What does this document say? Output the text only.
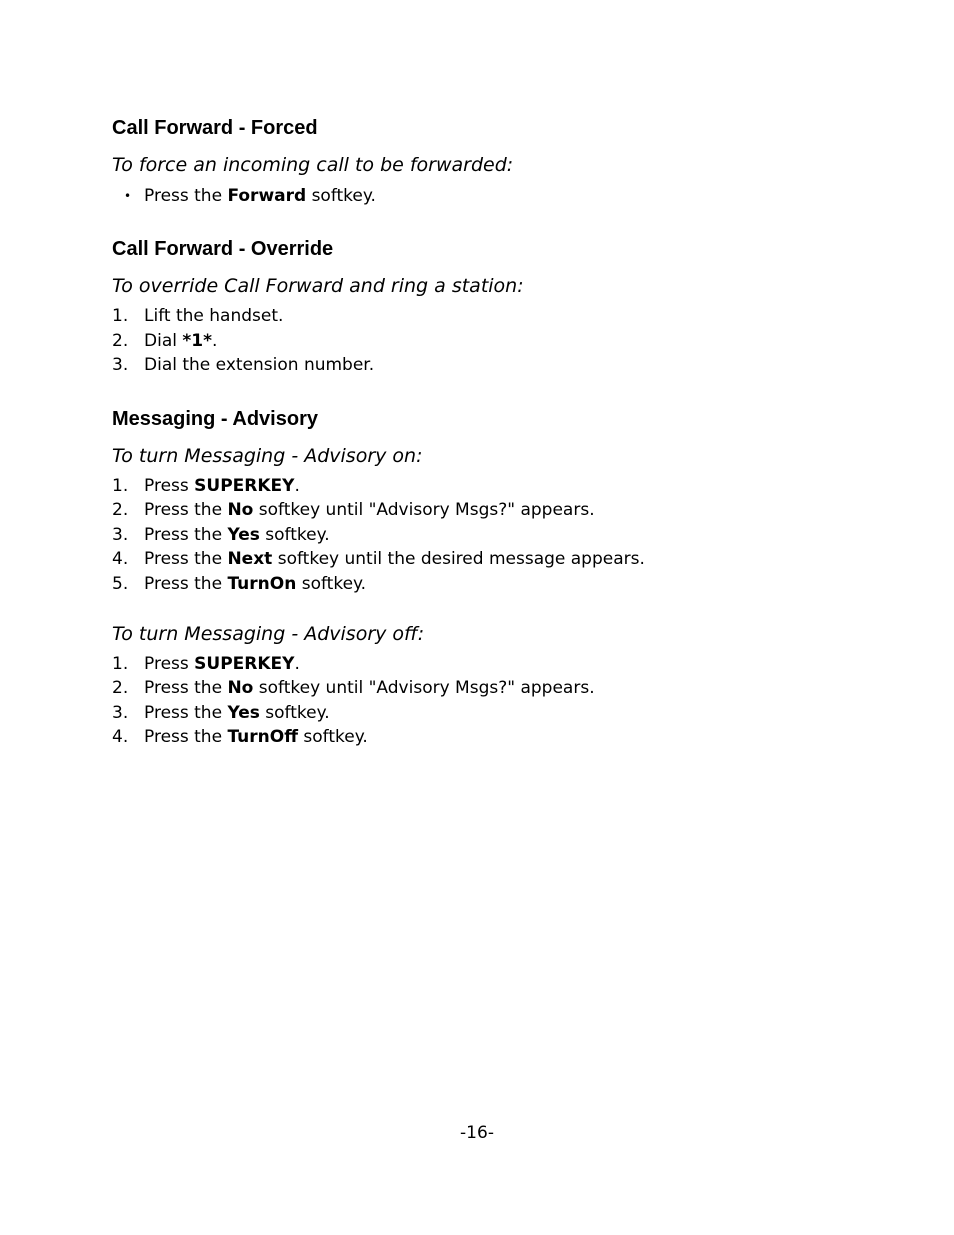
Call Forward - Forced

To force an incoming call to be forwarded:

• Press the Forward softkey.

Call Forward - Override

To override Call Forward and ring a station:

1. Lift the handset.

2. Dial *1*.

3. Dial the extension number.

Messaging - Advisory

To turn Messaging - Advisory on:

1. Press SUPERKEY.

2. Press the No softkey until "Advisory Msgs?" appears.

3. Press the Yes softkey.

4. Press the Next softkey until the desired message appears.

5. Press the TurnOn softkey.

To turn Messaging - Advisory off:

1. Press SUPERKEY.

2. Press the No softkey until "Advisory Msgs?" appears.

3. Press the Yes softkey.

4. Press the TurnOff softkey.

-16-
